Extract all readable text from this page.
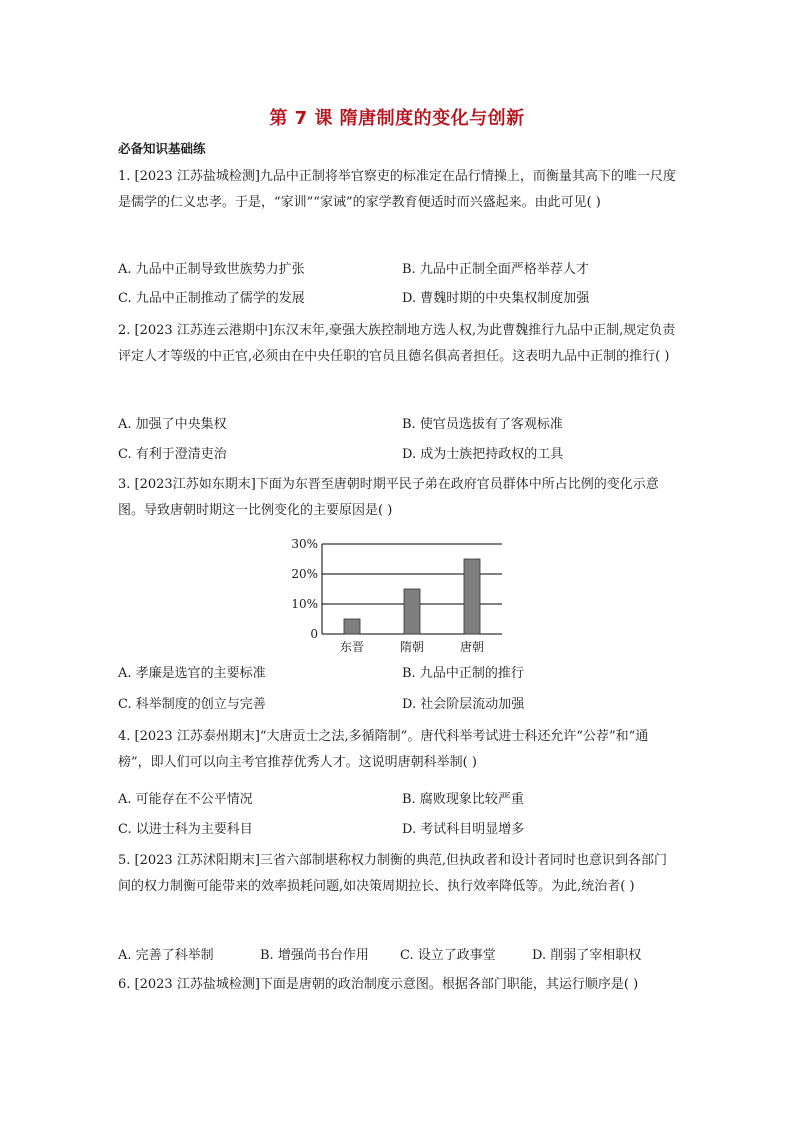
第 7 课 隋唐制度的变化与创新
必备知识基础练

1. [2023 江苏盐城检测]九品中正制将举官察吏的标准定在品行情操上，而衡量其高下的唯一尺度是儒学的仁义忠孝。于是，“家训”“家诫”的家学教育便适时而兴盛起来。由此可见( )

A. 九品中正制导致世族势力扩张	B. 九品中正制全面严格举荐人才
C. 九品中正制推动了儒学的发展	D. 曹魏时期的中央集权制度加强

2. [2023 江苏连云港期中]东汉末年,豪强大族控制地方选人权,为此曹魏推行九品中正制,规定负责评定人才等级的中正官,必须由在中央任职的官员且德名俱高者担任。这表明九品中正制的推行( )

A. 加强了中央集权	B. 使官员选拔有了客观标准
C. 有利于澄清吏治	D. 成为士族把持政权的工具

3. [2023江苏如东期末]下面为东晋至唐朝时期平民子弟在政府官员群体中所占比例的变化示意图。导致唐朝时期这一比例变化的主要原因是( )

0
10%
20%
30%
东晋	隋朝	唐朝
A. 孝廉是选官的主要标准	B. 九品中正制的推行
C. 科举制度的创立与完善	D. 社会阶层流动加强

4. [2023 江苏泰州期末]“大唐贡士之法,多循隋制”。唐代科举考试进士科还允许“公荐”和“通榜”，即人们可以向主考官推荐优秀人才。这说明唐朝科举制( )

A. 可能存在不公平情况	B. 腐败现象比较严重
C. 以进士科为主要科目	D. 考试科目明显增多

5. [2023 江苏沭阳期末]三省六部制堪称权力制衡的典范,但执政者和设计者同时也意识到各部门间的权力制衡可能带来的效率损耗问题,如决策周期拉长、执行效率降低等。为此,统治者( )

A. 完善了科举制	B. 增强尚书台作用 C. 设立了政事堂	D. 削弱了宰相职权

6. [2023 江苏盐城检测]下面是唐朝的政治制度示意图。根据各部门职能，其运行顺序是( )
